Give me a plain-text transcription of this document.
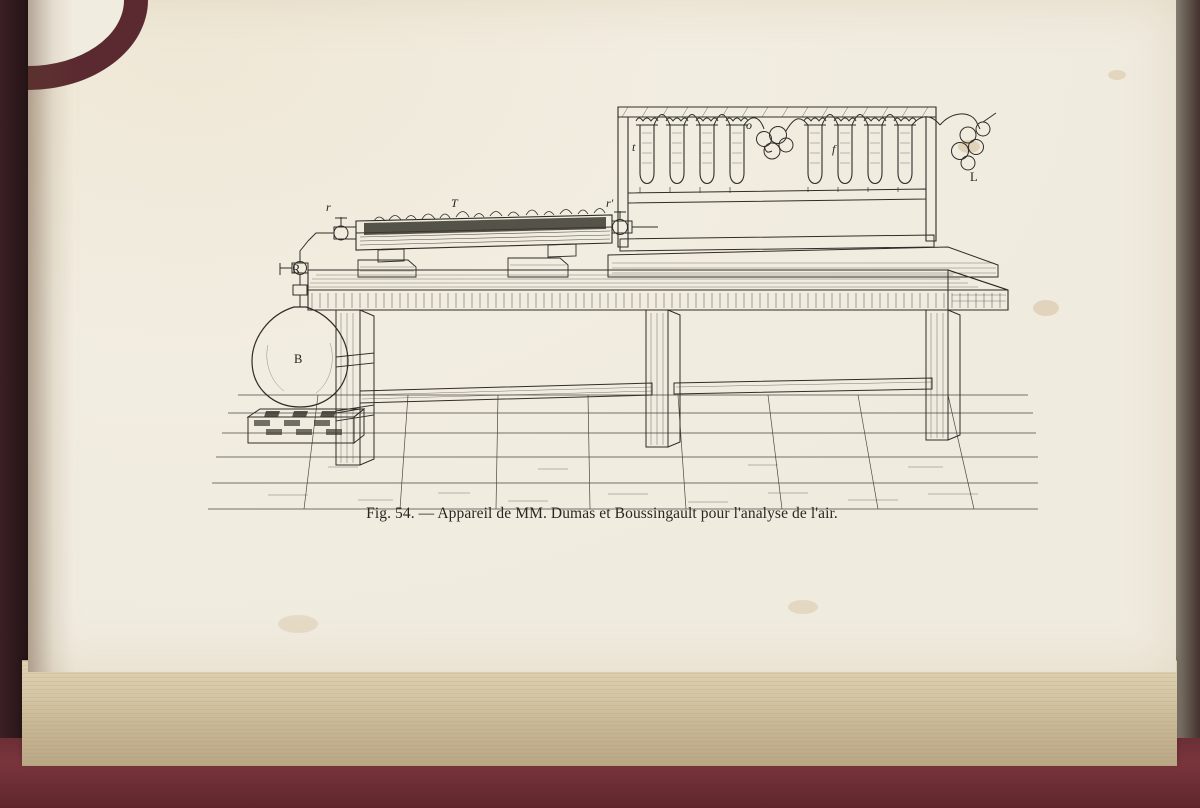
r	T	r'
R
B
t
o
f
L
Fig. 54. — Appareil de MM. Dumas et Boussingault pour l'analyse de l'air.
